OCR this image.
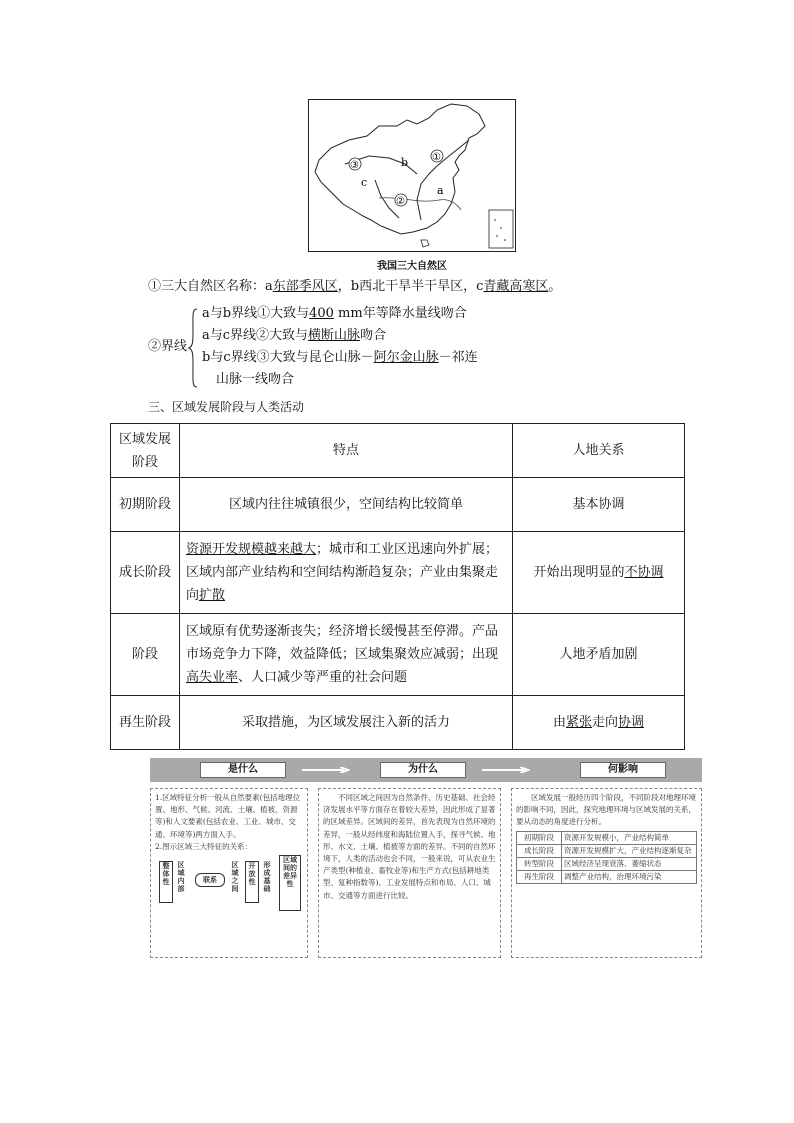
③
①
②
b
c
a
我国三大自然区
①三大自然区名称：a东部季风区，b西北干旱半干旱区，c青藏高寒区。
②界线
a与b界线①大致与400 mm年等降水量线吻合
a与c界线②大致与横断山脉吻合
b与c界线③大致与昆仑山脉－阿尔金山脉－祁连
山脉一线吻合
三、区域发展阶段与人类活动
区域发展阶段	特点	人地关系
初期阶段	区域内往往城镇很少，空间结构比较简单	基本协调
成长阶段	资源开发规模越来越大；城市和工业区迅速向外扩展；区域内部产业结构和空间结构渐趋复杂；产业由集聚走向扩散	开始出现明显的不协调
阶段	区域原有优势逐渐丧失；经济增长缓慢甚至停滞。产品市场竞争力下降，效益降低；区域集聚效应减弱；出现高失业率、人口减少等严重的社会问题	人地矛盾加剧
再生阶段	采取措施，为区域发展注入新的活力	由紧张走向协调
是什么	为什么	何影响
1.区域特征分析一般从自然要素(包括地理位置、地形、气候、河流、土壤、植被、资源等)和人文要素(包括农业、工业、城市、交通、环境等)两方面入手。
2.图示区域三大特征的关系：
整体性
区域内部
联系
区域之间
开放性
形成基础
区域间的差异性
不同区域之间因为自然条件、历史基础、社会经济发展水平等方面存在着较大差异，因此形成了显著的区域差异。区域间的差异，首先表现为自然环境的差异，一般从经纬度和海陆位置入手，探寻气候、地形、水文、土壤、植被等方面的差异。不同的自然环境下，人类的活动也会不同，一般来说，可从农业生产类型(种植业、畜牧业等)和生产方式(包括耕地类型、复种指数等)、工业发展特点和布局、人口、城市、交通等方面进行比较。
区域发展一般经历四个阶段，不同阶段对地理环境的影响不同，因此，探究地理环境与区域发展的关系，要从动态的角度进行分析。
初期阶段	资源开发规模小，产业结构简单
成长阶段	资源开发规模扩大，产业结构逐渐复杂
转型阶段	区域经济呈现衰落、萎缩状态
再生阶段	调整产业结构，治理环境污染
